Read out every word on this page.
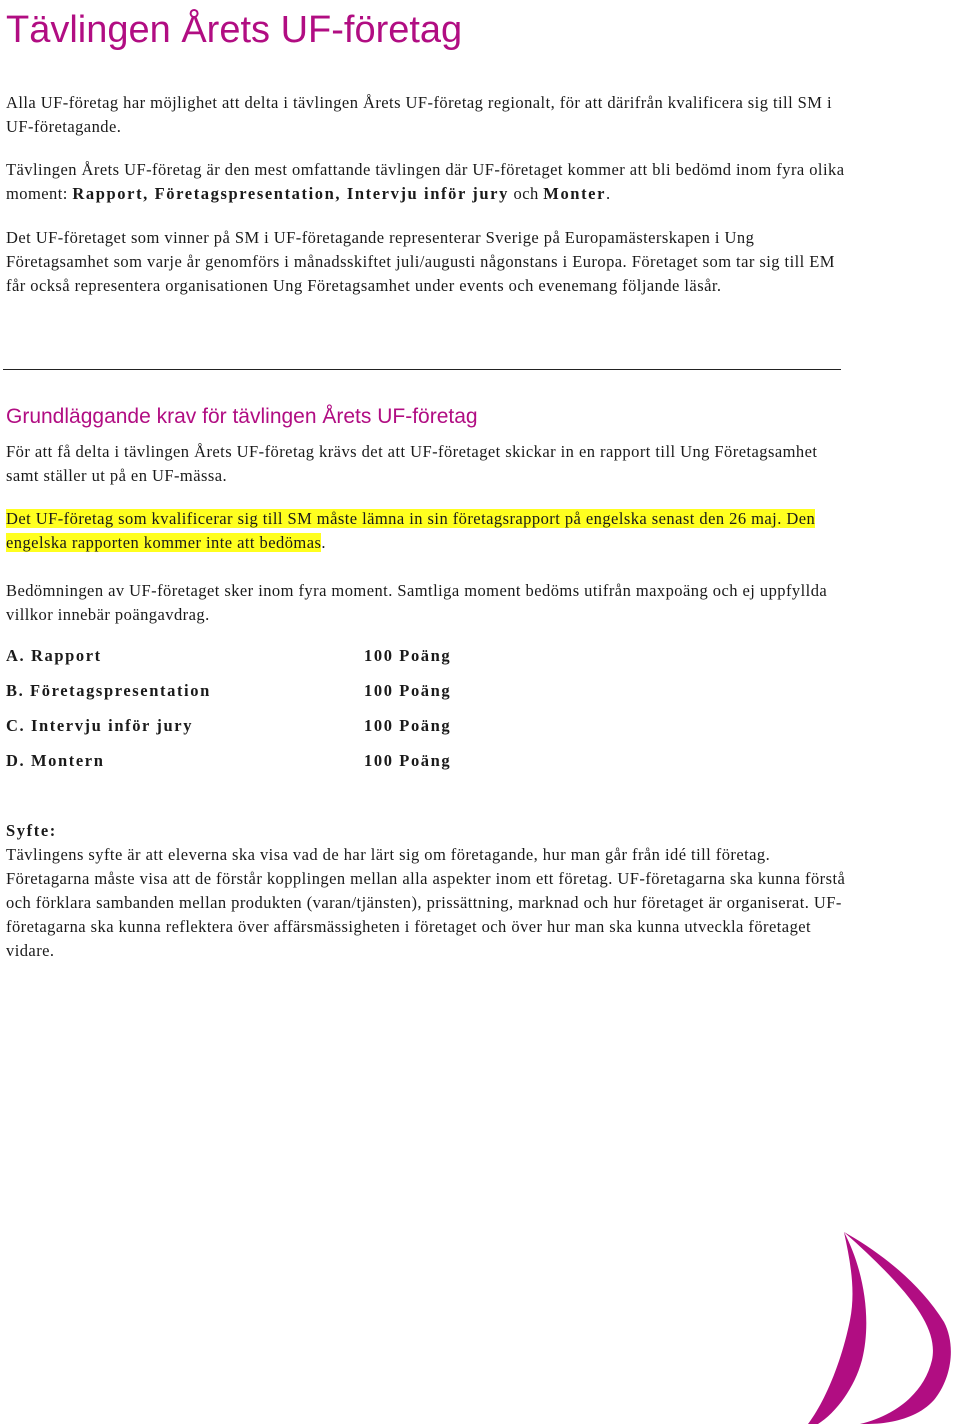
Tävlingen Årets UF-företag

Alla UF-företag har möjlighet att delta i tävlingen Årets UF-företag regionalt, för att därifrån kvalificera sig till SM i UF-företagande.

Tävlingen Årets UF-företag är den mest omfattande tävlingen där UF-företaget kommer att bli bedömd inom fyra olika moment: Rapport, Företagspresentation, Intervju inför jury och Monter.

Det UF-företaget som vinner på SM i UF-företagande representerar Sverige på Europamästerskapen i Ung Företagsamhet som varje år genomförs i månadsskiftet juli/augusti någonstans i Europa. Företaget som tar sig till EM får också representera organisationen Ung Företagsamhet under events och evenemang följande läsår.

Grundläggande krav för tävlingen Årets UF-företag

För att få delta i tävlingen Årets UF-företag krävs det att UF-företaget skickar in en rapport till Ung Företagsamhet samt ställer ut på en UF-mässa.

Det UF-företag som kvalificerar sig till SM måste lämna in sin företagsrapport på engelska senast den 26 maj. Den engelska rapporten kommer inte att bedömas.

Bedömningen av UF-företaget sker inom fyra moment. Samtliga moment bedöms utifrån maxpoäng och ej uppfyllda villkor innebär poängavdrag.

A. Rapport	100 Poäng
B. Företagspresentation	100 Poäng
C. Intervju inför jury	100 Poäng
D. Montern	100 Poäng

Syfte:

Tävlingens syfte är att eleverna ska visa vad de har lärt sig om företagande, hur man går från idé till företag. Företagarna måste visa att de förstår kopplingen mellan alla aspekter inom ett företag. UF-företagarna ska kunna förstå och förklara sambanden mellan produkten (varan/tjänsten), prissättning, marknad och hur företaget är organiserat. UF-företagarna ska kunna reflektera över affärsmässigheten i företaget och över hur man ska kunna utveckla företaget vidare.
